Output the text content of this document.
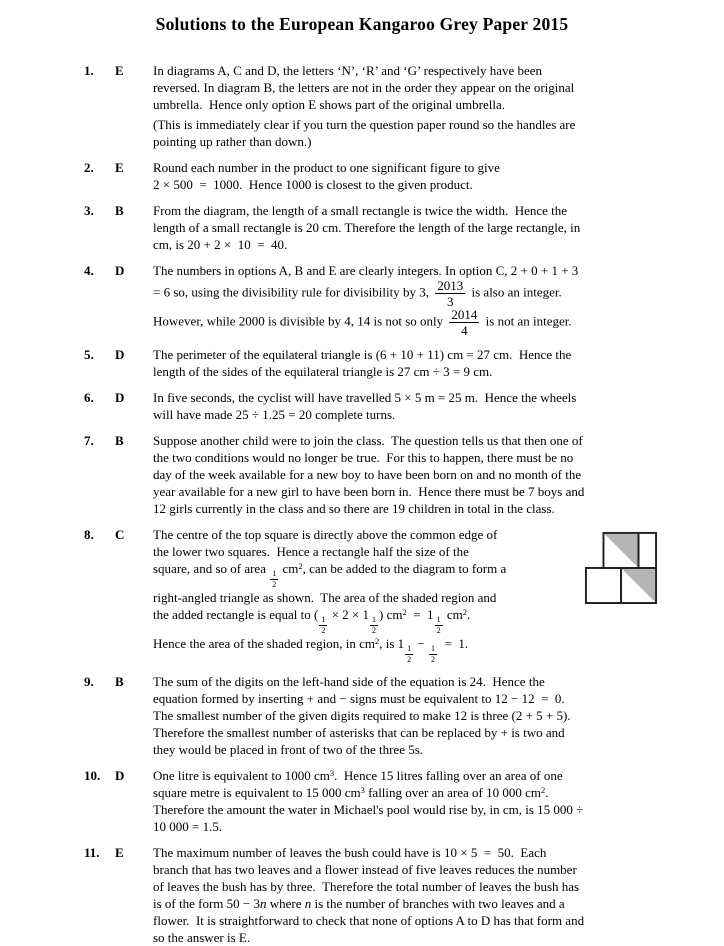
Solutions to the European Kangaroo Grey Paper 2015
1.	E	In diagrams A, C and D, the letters ‘N’, ‘R’ and ‘G’ respectively have been
reversed. In diagram B, the letters are not in the order they appear on the original
umbrella.  Hence only option E shows part of the original umbrella.
(This is immediately clear if you turn the question paper round so the handles are
pointing up rather than down.)
2.	E	Round each number in the product to one significant figure to give
2 × 500  =  1000.  Hence 1000 is closest to the given product.
3.	B	From the diagram, the length of a small rectangle is twice the width.  Hence the
length of a small rectangle is 20 cm. Therefore the length of the large rectangle, in
cm, is 20 + 2 ×  10  =  40.
4.	D	The numbers in options A, B and E are clearly integers. In option C, 2 + 0 + 1 + 3
= 6 so, using the divisibility rule for divisibility by 3, $\frac{2013}{3}$ is also an integer.
However, while 2000 is divisible by 4, 14 is not so only $\frac{2014}{4}$ is not an integer.
5.	D	The perimeter of the equilateral triangle is (6 + 10 + 11) cm = 27 cm.  Hence the
length of the sides of the equilateral triangle is 27 cm ÷ 3 = 9 cm.
6.	D	In five seconds, the cyclist will have travelled 5 × 5 m = 25 m.  Hence the wheels
will have made 25 ÷ 1.25 = 20 complete turns.
7.	B	Suppose another child were to join the class.  The question tells us that then one of
the two conditions would no longer be true.  For this to happen, there must be no
day of the week available for a new boy to have been born on and no month of the
year available for a new girl to have been born in.  Hence there must be 7 boys and
12 girls currently in the class and so there are 19 children in total in the class.
8.	C	The centre of the top square is directly above the common edge of
the lower two squares.  Hence a rectangle half the size of the
square, and so of area
$\frac{1}{2}$
$cm^2$, can be added to the diagram to form a
right-angled triangle as shown.  The area of the shaded region and
the added rectangle is equal to (
$\frac{1}{2}$
× 2 × 1
$\frac{1}{2}$
) $cm^2 = 1$
$\frac{1}{2}$
$cm^2$.
Hence the area of the shaded region, in $cm^2$, is 1
$\frac{1}{2}$
−
$\frac{1}{2}$
=  1.
9.	B	The sum of the digits on the left-hand side of the equation is 24.  Hence the
equation formed by inserting + and − signs must be equivalent to 12 − 12  =  0.
The smallest number of the given digits required to make 12 is three (2 + 5 + 5).
Therefore the smallest number of asterisks that can be replaced by + is two and
they would be placed in front of two of the three 5s.
10.	D	One litre is equivalent to 1000 $cm^3$.  Hence 15 litres falling over an area of one
square metre is equivalent to 15 000 $cm^3$ falling over an area of 10 000 $cm^2$.
Therefore the amount the water in Michael's pool would rise by, in cm, is 15 000 ÷
10 000 = 1.5.
11.	E	The maximum number of leaves the bush could have is 10 × 5  =  50.  Each
branch that has two leaves and a flower instead of five leaves reduces the number
of leaves the bush has by three.  Therefore the total number of leaves the bush has
is of the form 50 − 3n where n is the number of branches with two leaves and a
flower.  It is straightforward to check that none of options A to D has that form and
so the answer is E.
